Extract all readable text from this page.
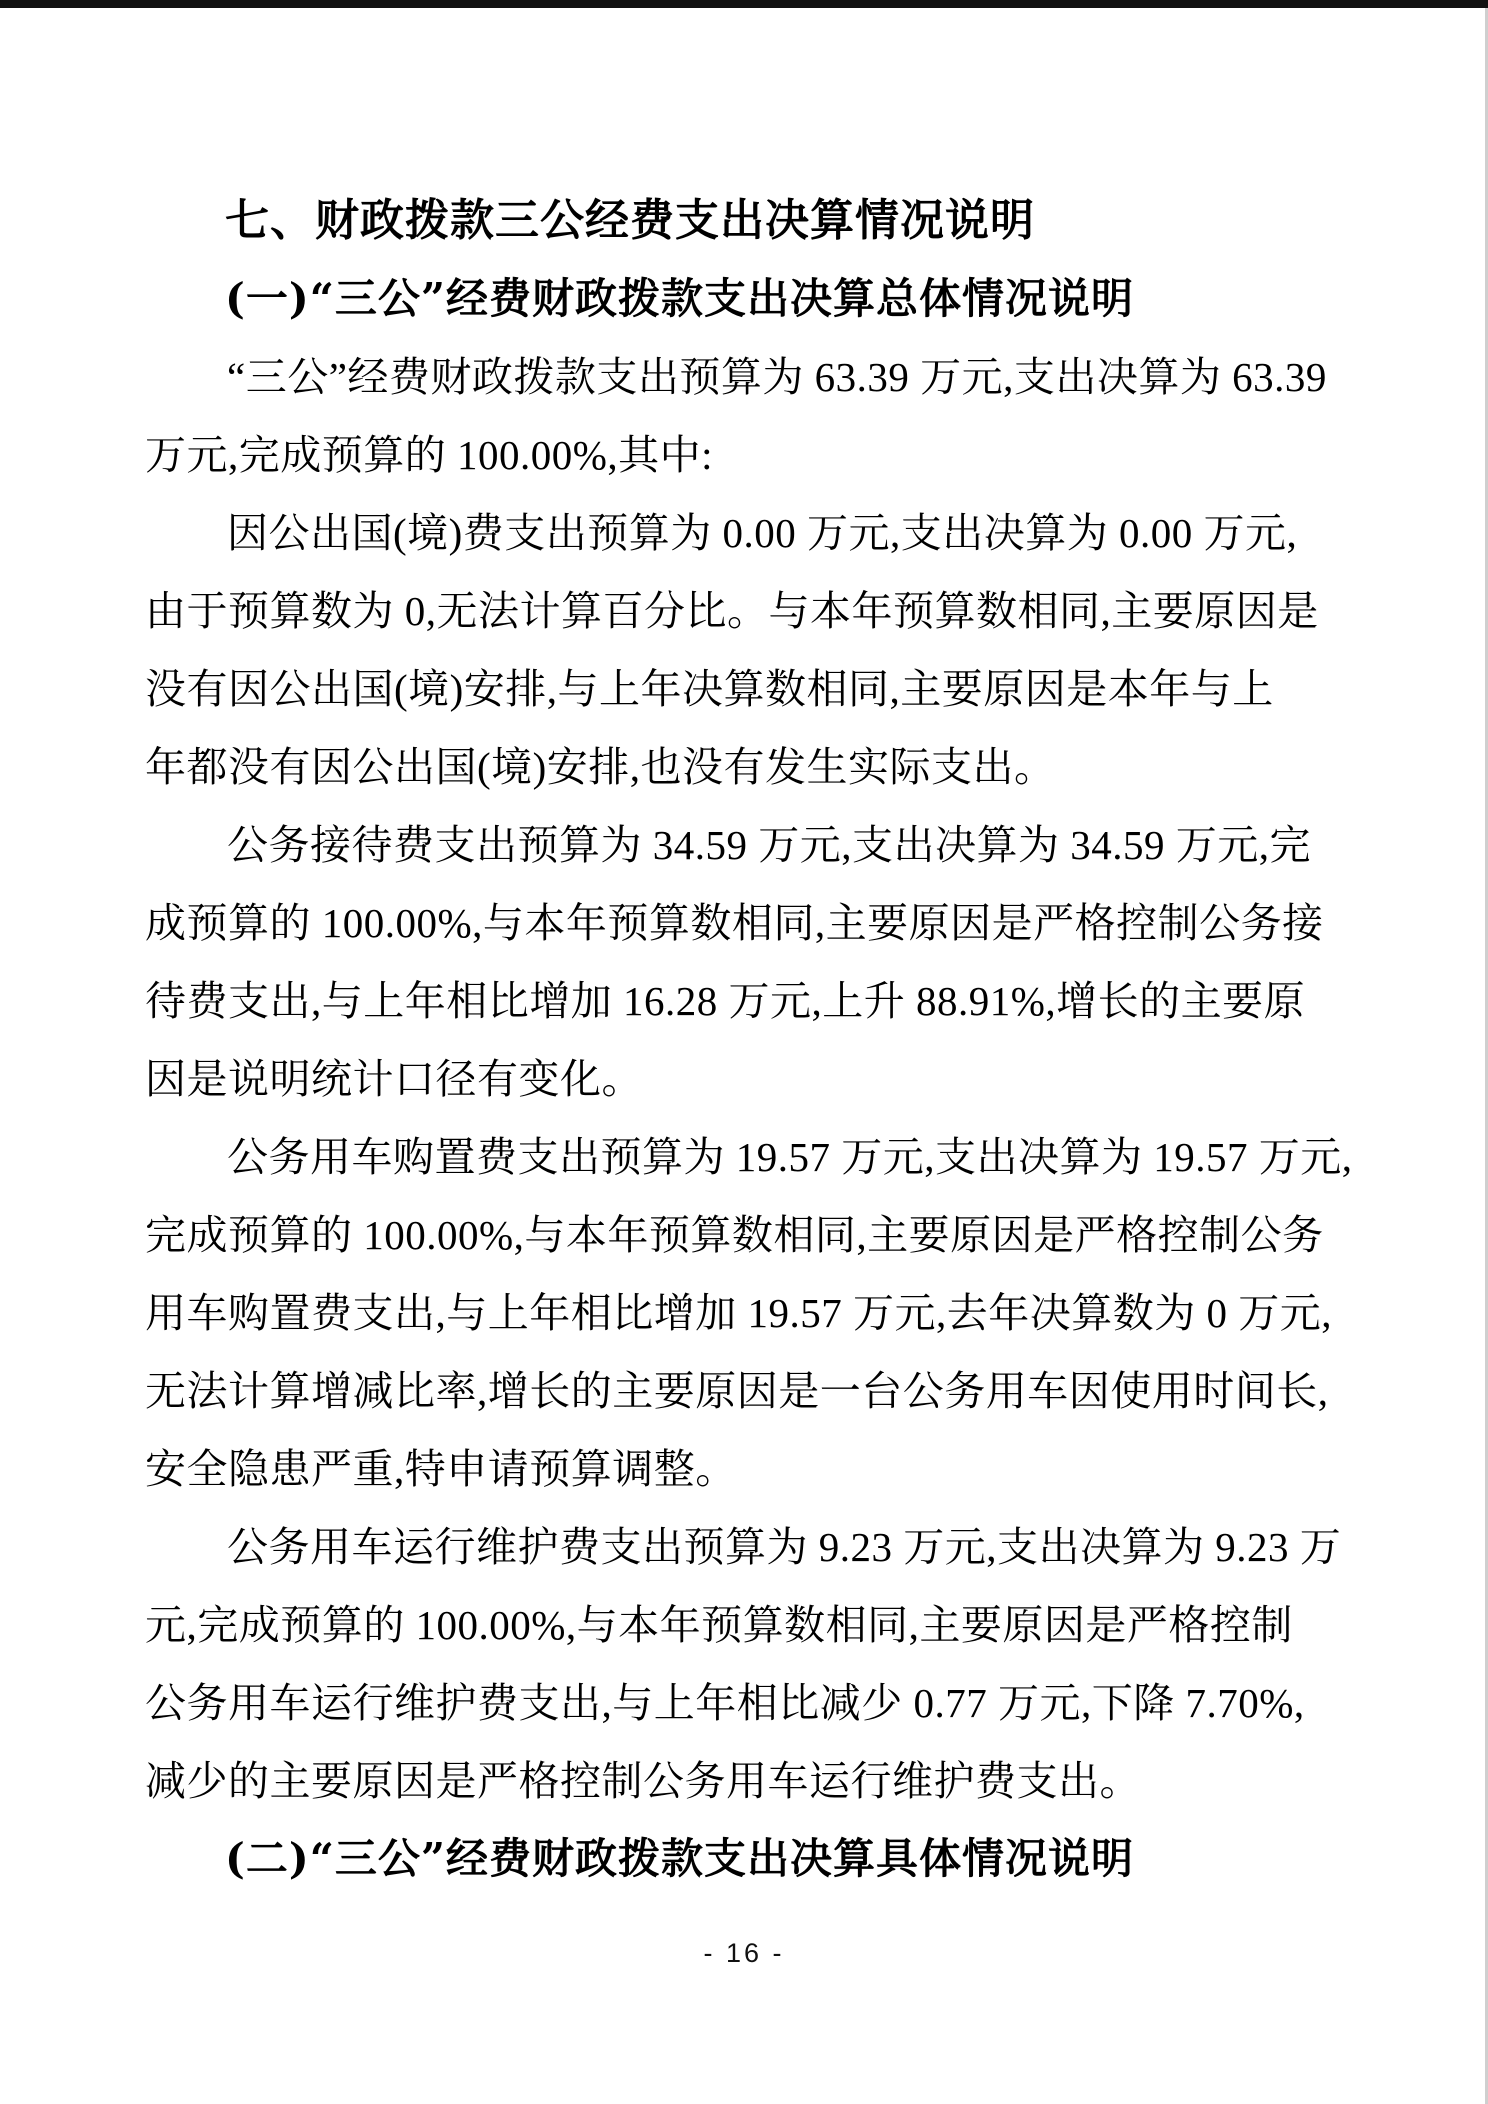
七、财政拨款三公经费支出决算情况说明
(一)“三公”经费财政拨款支出决算总体情况说明
“三公”经费财政拨款支出预算为 63.39 万元,支出决算为 63.39
万元,完成预算的 100.00%,其中:
因公出国(境)费支出预算为 0.00 万元,支出决算为 0.00 万元,
由于预算数为 0,无法计算百分比。与本年预算数相同,主要原因是
没有因公出国(境)安排,与上年决算数相同,主要原因是本年与上
年都没有因公出国(境)安排,也没有发生实际支出。
公务接待费支出预算为 34.59 万元,支出决算为 34.59 万元,完
成预算的 100.00%,与本年预算数相同,主要原因是严格控制公务接
待费支出,与上年相比增加 16.28 万元,上升 88.91%,增长的主要原
因是说明统计口径有变化。
公务用车购置费支出预算为 19.57 万元,支出决算为 19.57 万元,
完成预算的 100.00%,与本年预算数相同,主要原因是严格控制公务
用车购置费支出,与上年相比增加 19.57 万元,去年决算数为 0 万元,
无法计算增减比率,增长的主要原因是一台公务用车因使用时间长,
安全隐患严重,特申请预算调整。
公务用车运行维护费支出预算为 9.23 万元,支出决算为 9.23 万
元,完成预算的 100.00%,与本年预算数相同,主要原因是严格控制
公务用车运行维护费支出,与上年相比减少 0.77 万元,下降 7.70%,
减少的主要原因是严格控制公务用车运行维护费支出。
(二)“三公”经费财政拨款支出决算具体情况说明
- 16 -
